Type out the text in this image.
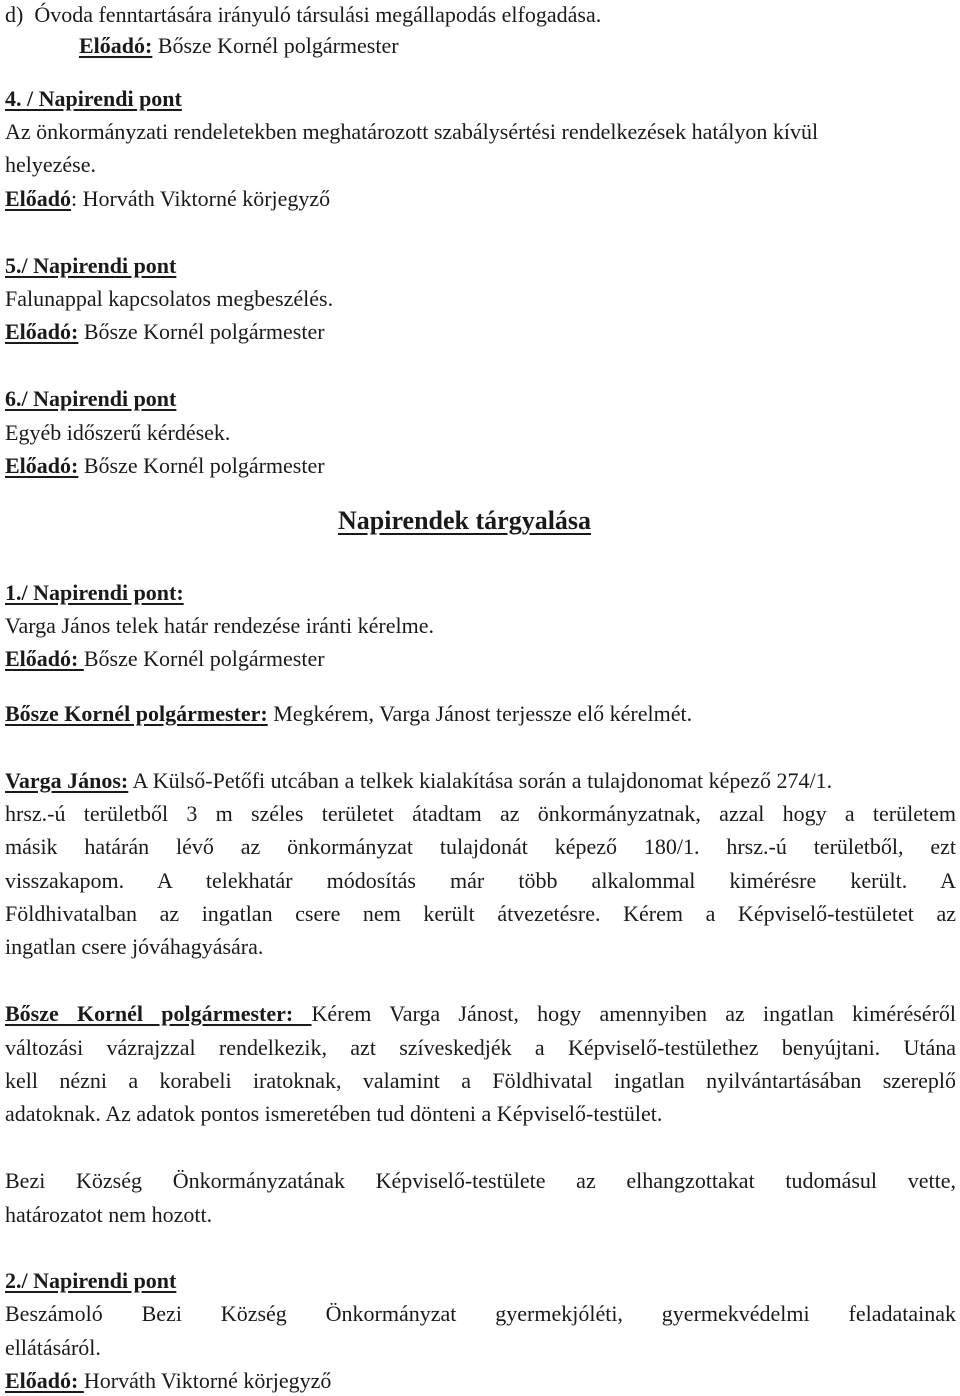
d)  Óvoda fenntartására irányuló társulási megállapodás elfogadása.

Előadó: Bősze Kornél polgármester

4. / Napirendi pont

Az önkormányzati rendeletekben meghatározott szabálysértési rendelkezések hatályon kívül

helyezése.

Előadó: Horváth Viktorné körjegyző

5./ Napirendi pont

Falunappal kapcsolatos megbeszélés.

Előadó: Bősze Kornél polgármester

6./ Napirendi pont

Egyéb időszerű kérdések.

Előadó: Bősze Kornél polgármester

Napirendek tárgyalása

1./ Napirendi pont:

Varga János telek határ rendezése iránti kérelme.

Előadó: Bősze Kornél polgármester

Bősze Kornél polgármester: Megkérem, Varga Jánost terjessze elő kérelmét.

Varga János: A Külső-Petőfi utcában a telkek kialakítása során a tulajdonomat képező 274/1.

hrsz.-ú területből 3 m széles területet átadtam az önkormányzatnak, azzal hogy a területem

másik határán lévő az önkormányzat tulajdonát képező 180/1. hrsz.-ú területből, ezt

visszakapom. A telekhatár módosítás már több alkalommal kimérésre került. A

Földhivatalban az ingatlan csere nem került átvezetésre. Kérem a Képviselő-testületet az

ingatlan csere jóváhagyására.

Bősze Kornél polgármester: Kérem Varga Jánost, hogy amennyiben az ingatlan kiméréséről

változási vázrajzzal rendelkezik, azt szíveskedjék a Képviselő-testülethez benyújtani. Utána

kell nézni a korabeli iratoknak, valamint a Földhivatal ingatlan nyilvántartásában szereplő

adatoknak. Az adatok pontos ismeretében tud dönteni a Képviselő-testület.

Bezi Község Önkormányzatának Képviselő-testülete az elhangzottakat tudomásul vette,

határozatot nem hozott.

2./ Napirendi pont

Beszámoló Bezi Község Önkormányzat gyermekjóléti, gyermekvédelmi feladatainak

ellátásáról.

Előadó: Horváth Viktorné körjegyző
